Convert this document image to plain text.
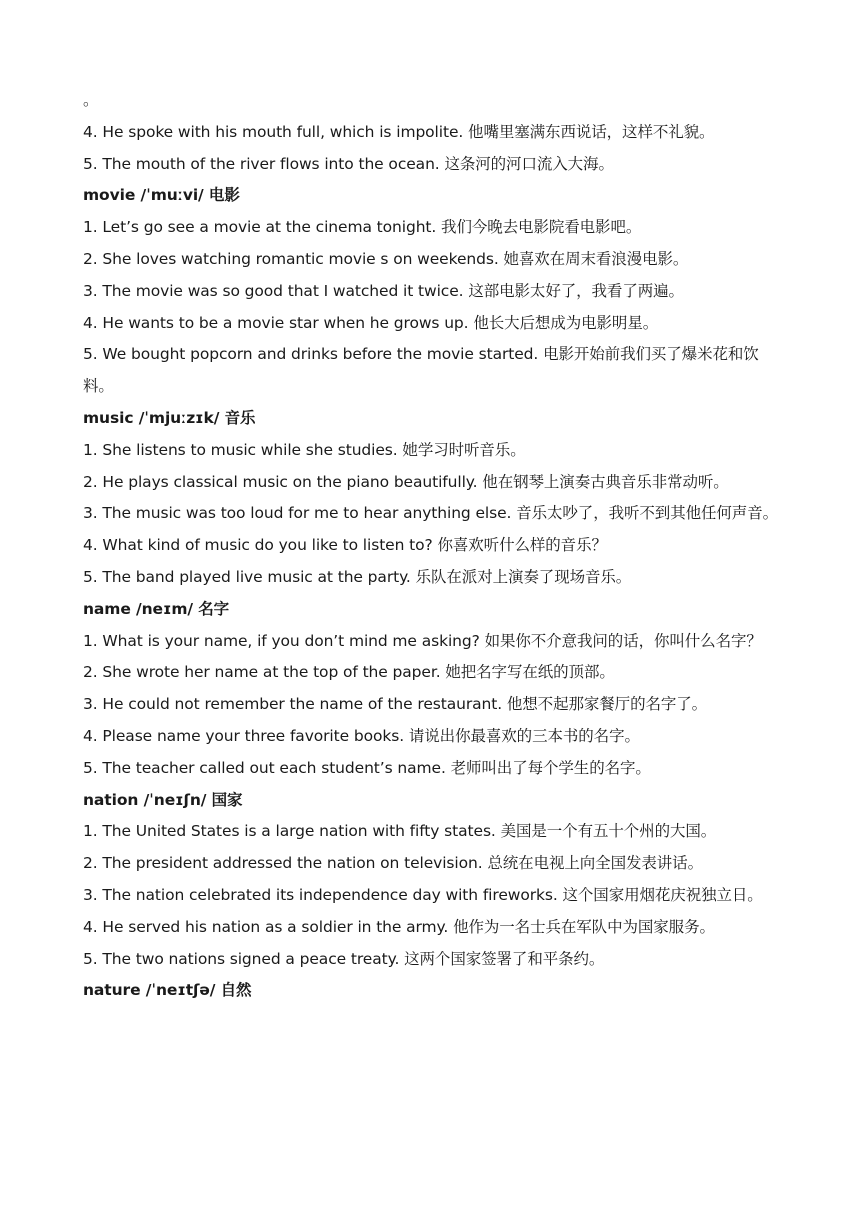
。
4. He spoke with his mouth full, which is impolite. 他嘴里塞满东西说话，这样不礼貌。
5. The mouth of the river flows into the ocean. 这条河的河口流入大海。
movie /ˈmuːvi/ 电影
1. Let’s go see a movie at the cinema tonight. 我们今晚去电影院看电影吧。
2. She loves watching romantic movie s on weekends. 她喜欢在周末看浪漫电影。
3. The movie was so good that I watched it twice. 这部电影太好了，我看了两遍。
4. He wants to be a movie star when he grows up. 他长大后想成为电影明星。
5. We bought popcorn and drinks before the movie started. 电影开始前我们买了爆米花和饮料。
music /ˈmjuːzɪk/ 音乐
1. She listens to music while she studies. 她学习时听音乐。
2. He plays classical music on the piano beautifully. 他在钢琴上演奏古典音乐非常动听。
3. The music was too loud for me to hear anything else. 音乐太吵了，我听不到其他任何声音。
4. What kind of music do you like to listen to? 你喜欢听什么样的音乐？
5. The band played live music at the party. 乐队在派对上演奏了现场音乐。
name /neɪm/ 名字
1. What is your name, if you don’t mind me asking? 如果你不介意我问的话，你叫什么名字？
2. She wrote her name at the top of the paper. 她把名字写在纸的顶部。
3. He could not remember the name of the restaurant. 他想不起那家餐厅的名字了。
4. Please name your three favorite books. 请说出你最喜欢的三本书的名字。
5. The teacher called out each student’s name. 老师叫出了每个学生的名字。
nation /ˈneɪʃn/ 国家
1. The United States is a large nation with fifty states. 美国是一个有五十个州的大国。
2. The president addressed the nation on television. 总统在电视上向全国发表讲话。
3. The nation celebrated its independence day with fireworks. 这个国家用烟花庆祝独立日。
4. He served his nation as a soldier in the army. 他作为一名士兵在军队中为国家服务。
5. The two nations signed a peace treaty. 这两个国家签署了和平条约。
nature /ˈneɪtʃə/ 自然
